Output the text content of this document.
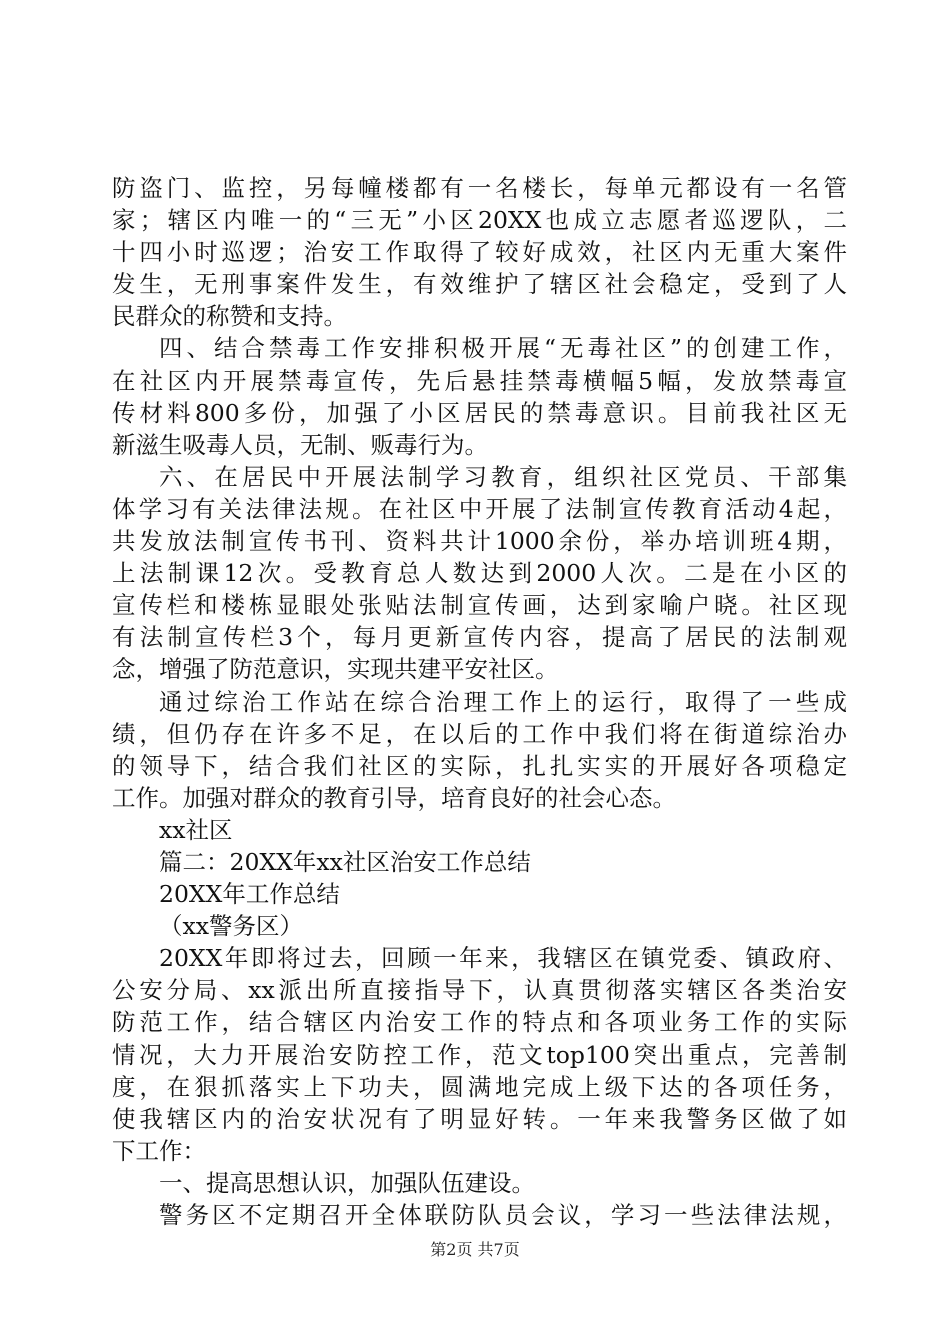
防盗门、监控，另每幢楼都有一名楼长，每单元都设有一名管
家；辖区内唯一的“三无”小区20XX也成立志愿者巡逻队，二
十四小时巡逻；治安工作取得了较好成效，社区内无重大案件
发生，无刑事案件发生，有效维护了辖区社会稳定，受到了人
民群众的称赞和支持。
四、结合禁毒工作安排积极开展“无毒社区”的创建工作，
在社区内开展禁毒宣传，先后悬挂禁毒横幅5幅，发放禁毒宣
传材料800多份，加强了小区居民的禁毒意识。目前我社区无
新滋生吸毒人员，无制、贩毒行为。
六、在居民中开展法制学习教育，组织社区党员、干部集
体学习有关法律法规。在社区中开展了法制宣传教育活动4起，
共发放法制宣传书刊、资料共计1000余份，举办培训班4期，
上法制课12次。受教育总人数达到2000人次。二是在小区的
宣传栏和楼栋显眼处张贴法制宣传画，达到家喻户晓。社区现
有法制宣传栏3个，每月更新宣传内容，提高了居民的法制观
念，增强了防范意识，实现共建平安社区。
通过综治工作站在综合治理工作上的运行，取得了一些成
绩，但仍存在许多不足，在以后的工作中我们将在街道综治办
的领导下，结合我们社区的实际，扎扎实实的开展好各项稳定
工作。加强对群众的教育引导，培育良好的社会心态。
xx社区
篇二：20XX年xx社区治安工作总结
20XX年工作总结
（xx警务区）
20XX年即将过去，回顾一年来，我辖区在镇党委、镇政府、
公安分局、xx派出所直接指导下，认真贯彻落实辖区各类治安
防范工作，结合辖区内治安工作的特点和各项业务工作的实际
情况，大力开展治安防控工作，范文top100突出重点，完善制
度，在狠抓落实上下功夫，圆满地完成上级下达的各项任务，
使我辖区内的治安状况有了明显好转。一年来我警务区做了如
下工作：
一、提高思想认识，加强队伍建设。
警务区不定期召开全体联防队员会议，学习一些法律法规，
第2页 共7页
